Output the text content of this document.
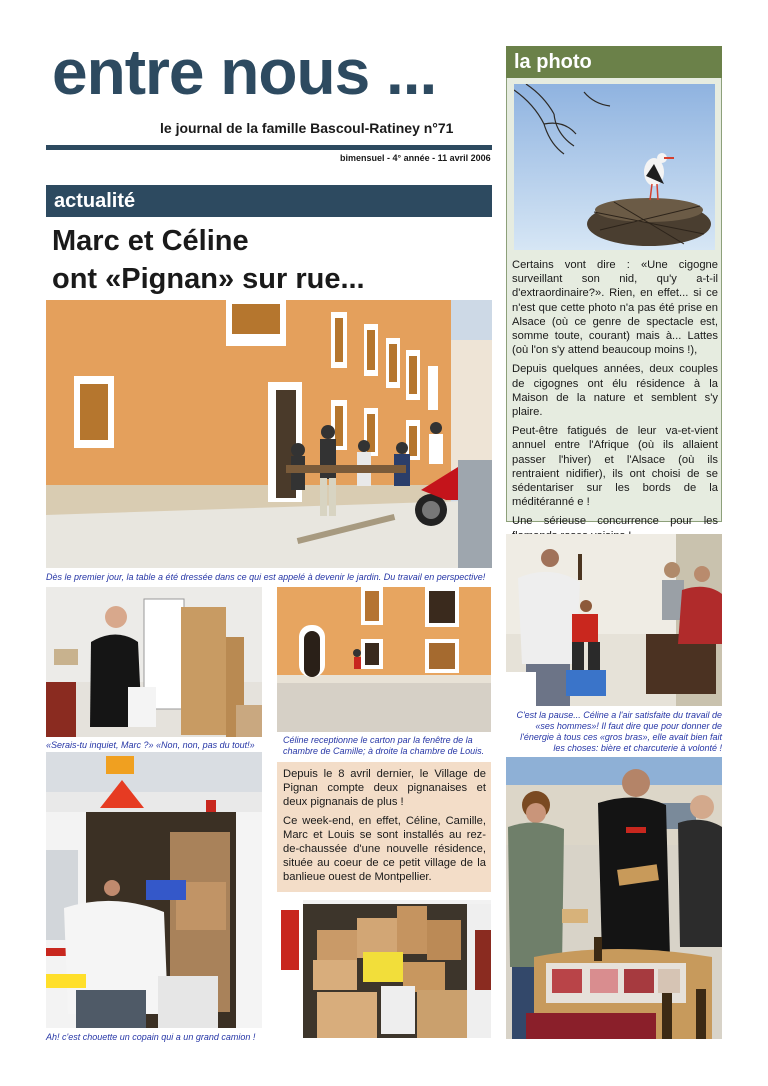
entre nous ...
le journal de la famille Bascoul-Ratiney n°71
bimensuel - 4° année - 11 avril 2006
actualité
Marc et Céline
ont «Pignan» sur rue...
Dès le premier jour, la table a été dressée dans ce qui est appelé à devenir le jardin. Du travail en perspective!
«Serais-tu inquiet, Marc ?» «Non, non, pas du tout!»	Céline receptionne le carton par la fenêtre de la chambre de Camille; à droite la chambre de Louis.

Depuis le 8 avril dernier, le Village de Pignan compte deux pignanaises et deux pignanais de plus !

Ce week-end, en effet, Céline, Camille, Marc et Louis se sont installés au rez-de-chaussée d'une nouvelle résidence, située au coeur de ce petit village de la banlieue ouest de Montpellier.

Ah! c'est chouette un copain qui a un grand camion !
la photo

Certains vont dire : «Une cigogne surveillant son nid, qu'y a-t-il d'extraordinaire?». Rien, en effet... si ce n'est que cette photo n'a pas été prise en Alsace (où ce genre de spectacle est, somme toute, courant) mais à... Lattes (où l'on s'y attend beaucoup moins !),

Depuis quelques années, deux couples de cigognes ont élu résidence à la Maison de la nature et semblent s'y plaire.

Peut-être fatigués de leur va-et-vient annuel entre l'Afrique (où ils allaient passer l'hiver) et l'Alsace (où ils rentraient nidifier), ils ont choisi de se sédentariser sur les bords de la méditéranné e !

Une sérieuse concurrence pour les

C'est la pause... Céline a l'air satisfaite du travail de «ses hommes»! Il faut dire que pour donner de l'énergie à tous ces «gros bras», elle avait bien fait les choses: bière et charcuterie à volonté !
